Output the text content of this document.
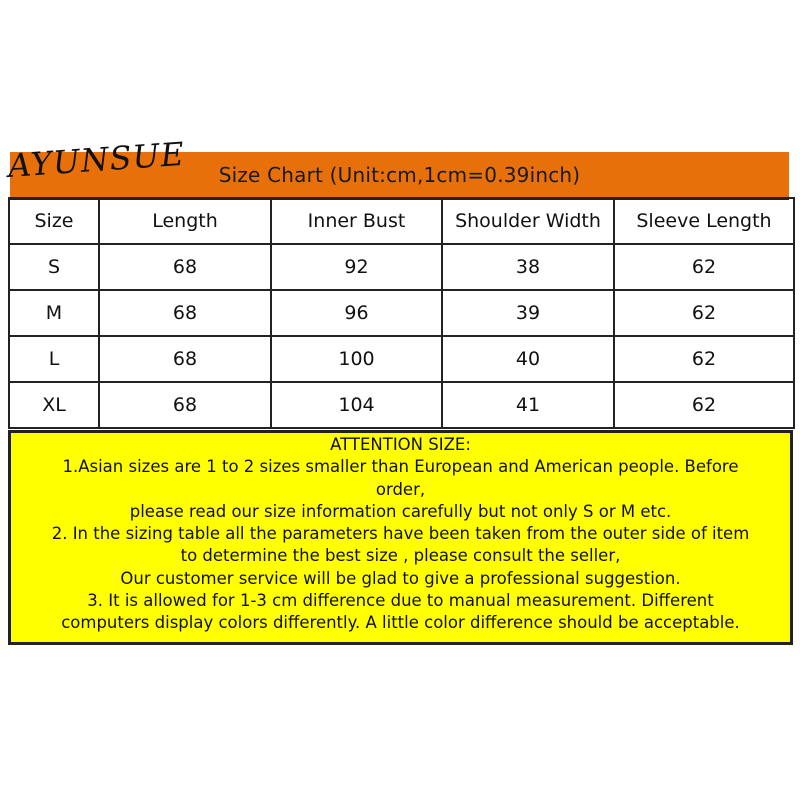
Size Chart (Unit:cm,1cm=0.39inch)
AYUNSUE
Size	Length	Inner Bust	Shoulder Width	Sleeve Length
S	68	92	38	62
M	68	96	39	62
L	68	100	40	62
XL	68	104	41	62
ATTENTION SIZE:
1.Asian sizes are 1 to 2 sizes smaller than European and American people. Before
order,
please read our size information carefully but not only S or M etc.
2. In the sizing table all the parameters have been taken from the outer side of item
to determine the best size , please consult the seller,
Our customer service will be glad to give a professional suggestion.
3. It is allowed for 1-3 cm difference due to manual measurement. Different
computers display colors differently. A little color difference should be acceptable.
